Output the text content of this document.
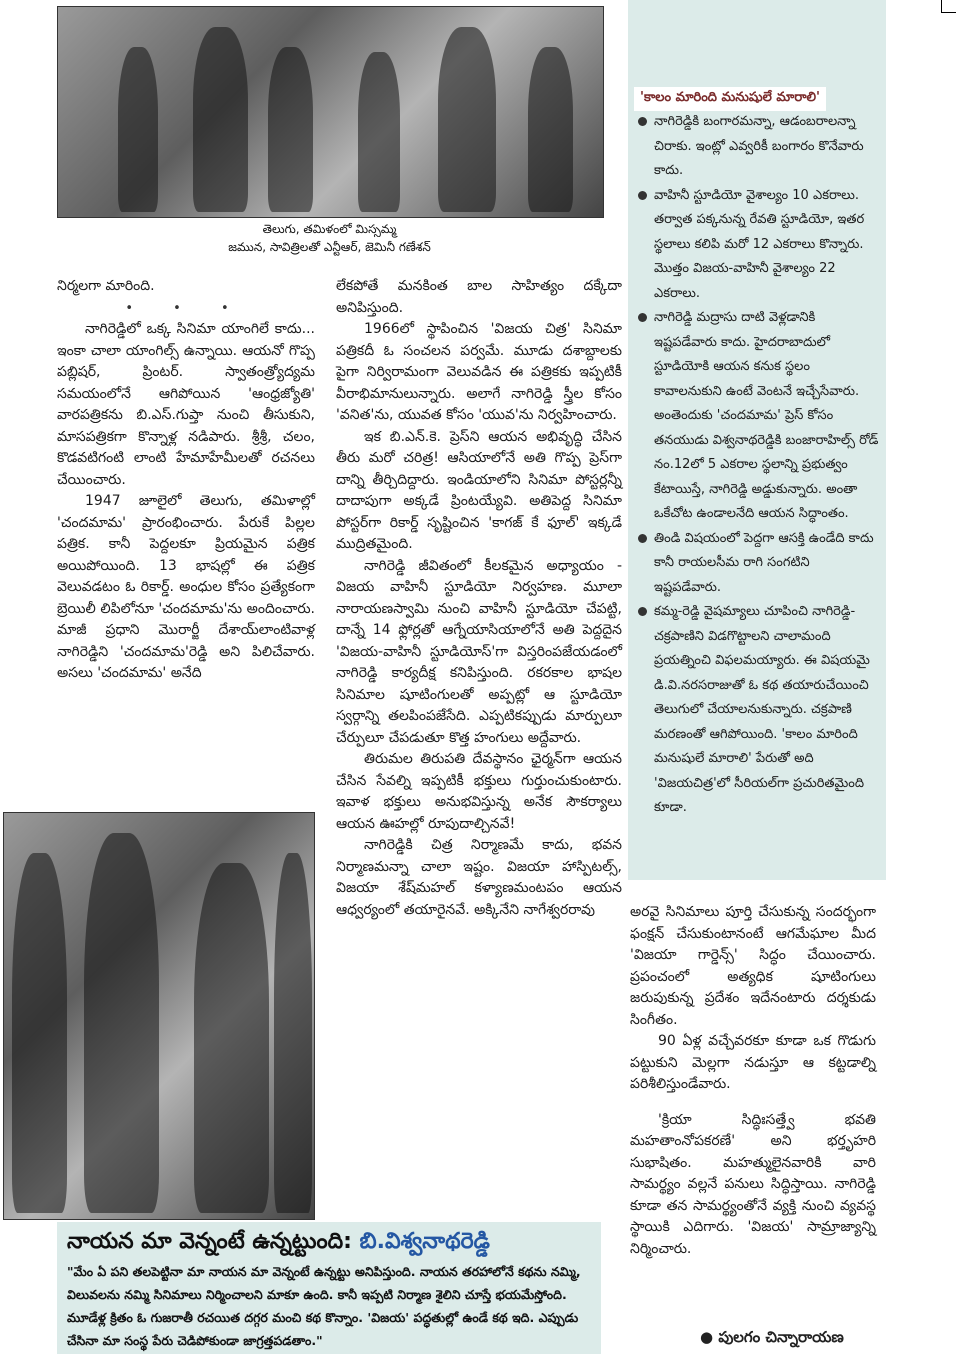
తెలుగు, తమిళంలో మిస్సమ్మ
జమున, సావిత్రిలతో ఎన్టీఆర్, జెమినీ గణేశన్

నిర్మలగా మారింది.

• • •

నాగిరెడ్డిలో ఒక్క సినిమా యాంగిలే కాదు... ఇంకా చాలా యాంగిల్స్ ఉన్నాయి. ఆయనో గొప్ప పబ్లిషర్, ప్రింటర్. స్వాతంత్ర్యోద్యమ సమయంలోనే ఆగిపోయిన 'ఆంధ్రజ్యోతి' వారపత్రికను బి.ఎస్.గుప్తా నుంచి తీసుకుని, మాసపత్రికగా కొన్నాళ్ల నడిపారు. శ్రీశ్రీ, చలం, కొడవటిగంటి లాంటి హేమాహేమీలతో రచనలు చేయించారు.

1947 జూలైలో తెలుగు, తమిళాల్లో 'చందమామ' ప్రారంభించారు. పేరుకే పిల్లల పత్రిక. కానీ పెద్దలకూ ప్రియమైన పత్రిక అయిపోయింది. 13 భాషల్లో ఈ పత్రిక వెలువడటం ఓ రికార్డ్. అంధుల కోసం ప్రత్యేకంగా బ్రెయిలీ లిపిలోనూ 'చందమామ'ను అందించారు. మాజీ ప్రధాని మొరార్జీ దేశాయ్‌లాంటివాళ్ల నాగిరెడ్డిని 'చందమామ'రెడ్డి అని పిలిచేవారు. అసలు 'చందమామ' అనేది

లేకపోతే మనకింత బాల సాహిత్యం దక్కేదా అనిపిస్తుంది.

1966లో స్థాపించిన 'విజయ చిత్ర' సినిమా పత్రికదీ ఓ సంచలన పర్వమే. మూడు దశాబ్దాలకు పైగా నిర్విరామంగా వెలువడిన ఈ పత్రికకు ఇప్పటికీ వీరాభిమానులున్నారు. అలాగే నాగిరెడ్డి స్త్రీల కోసం 'వనిత'ను, యువత కోసం 'యువ'ను నిర్వహించారు.

ఇక బి.ఎన్.కె. ప్రెస్‌ని ఆయన అభివృద్ధి చేసిన తీరు మరో చరిత్ర! ఆసియాలోనే అతి గొప్ప ప్రెస్‌గా దాన్ని తీర్చిదిద్దారు. ఇండియాలోని సినిమా పోస్టర్లన్నీ దాదాపుగా అక్కడే ప్రింటయ్యేవి. అతిపెద్ద సినిమా పోస్టర్‌గా రికార్డ్ సృష్టించిన 'కాగజ్ కే ఫూల్' ఇక్కడే ముద్రితమైంది.

నాగిరెడ్డి జీవితంలో కీలకమైన అధ్యాయం - విజయ వాహినీ స్టూడియో నిర్వహణ. మూలా నారాయణస్వామి నుంచి వాహినీ స్టూడియో చేపట్టి, దాన్నే 14 ఫ్లోర్లతో ఆగ్నేయాసియాలోనే అతి పెద్దదైన 'విజయ-వాహినీ స్టూడియోస్'గా విస్తరింపజేయడంలో నాగిరెడ్డి కార్యదీక్ష కనిపిస్తుంది. రకరకాల భాషల సినిమాల షూటింగులతో అప్పట్లో ఆ స్టూడియో స్వర్గాన్ని తలపింపజేసేది. ఎప్పటికప్పుడు మార్పులూ చేర్పులూ చేపడుతూ కొత్త హంగులు అద్దేవారు.

తిరుమల తిరుపతి దేవస్థానం ఛైర్మన్‌గా ఆయన చేసిన సేవల్ని ఇప్పటికీ భక్తులు గుర్తుంచుకుంటారు. ఇవాళ భక్తులు అనుభవిస్తున్న అనేక సౌకర్యాలు ఆయన ఊహల్లో రూపుదాల్చినవే!

నాగిరెడ్డికి చిత్ర నిర్మాణమే కాదు, భవన నిర్మాణమన్నా చాలా ఇష్టం. విజయా హాస్పిటల్స్, విజయా శేష్‌మహల్ కళ్యాణమంటపం ఆయన ఆధ్వర్యంలో తయారైనవే. అక్కినేని నాగేశ్వరరావు

'కాలం మారింది మనుషులే మారాలి'
నాగిరెడ్డికి బంగారమన్నా, ఆడంబరాలన్నా చిరాకు. ఇంట్లో ఎవ్వరికీ బంగారం కొనేవారు కాదు.
వాహినీ స్టూడియో వైశాల్యం 10 ఎకరాలు. తర్వాత పక్కనున్న రేవతి స్టూడియో, ఇతర స్థలాలు కలిపి మరో 12 ఎకరాలు కొన్నారు. మొత్తం విజయ-వాహినీ వైశాల్యం 22 ఎకరాలు.
నాగిరెడ్డి మద్రాసు దాటి వెళ్లడానికి ఇష్టపడేవారు కాదు. హైదరాబాదులో స్టూడియోకి ఆయన కనుక స్థలం కావాలనుకుని ఉంటే వెంటనే ఇచ్చేసేవారు. అంతెందుకు 'చందమామ' ప్రెస్ కోసం తనయుడు విశ్వనాథరెడ్డికి బంజారాహిల్స్ రోడ్ నం.12లో 5 ఎకరాల స్థలాన్ని ప్రభుత్వం కేటాయిస్తే, నాగిరెడ్డి అడ్డుకున్నారు. అంతా ఒకేచోట ఉండాలనేది ఆయన సిద్ధాంతం.
తిండి విషయంలో పెద్దగా ఆసక్తి ఉండేది కాదు కానీ రాయలసీమ రాగి సంగటిని ఇష్టపడేవారు.
కమ్మ-రెడ్డి వైషమ్యాలు చూపించి నాగిరెడ్డి-చక్రపాణిని విడగొట్టాలని చాలామంది ప్రయత్నించి విఫలమయ్యారు. ఈ విషయమై డి.వి.నరసరాజుతో ఓ కథ తయారుచేయించి తెలుగులో చేయాలనుకున్నారు. చక్రపాణి మరణంతో ఆగిపోయింది. 'కాలం మారింది మనుషులే మారాలి' పేరుతో అది 'విజయచిత్ర'లో సీరియల్‌గా ప్రచురితమైంది కూడా.

అరవై సినిమాలు పూర్తి చేసుకున్న సందర్భంగా ఫంక్షన్ చేసుకుంటానంటే ఆగమేఘాల మీద 'విజయా గార్డెన్స్' సిద్ధం చేయించారు. ప్రపంచంలో అత్యధిక షూటింగులు జరుపుకున్న ప్రదేశం ఇదేనంటారు దర్శకుడు సింగీతం.

90 ఏళ్ల వచ్చేవరకూ కూడా ఒక గొడుగు పట్టుకుని మెల్లగా నడుస్తూ ఆ కట్టడాల్ని పరిశీలిస్తుండేవారు.

'క్రియా సిద్ధిఃసత్త్వే భవతి మహతాంనోపకరణే' అని భర్తృహరి సుభాషితం. మహత్ములైనవారికి వారి సామర్థ్యం వల్లనే పనులు సిద్ధిస్తాయి. నాగిరెడ్డి కూడా తన సామర్థ్యంతోనే వ్యక్తి నుంచి వ్యవస్థ స్థాయికి ఎదిగారు. 'విజయ' సామ్రాజ్యాన్ని నిర్మించారు.

నాయన మా వెన్నంటే ఉన్నట్టుంది: బి.విశ్వనాథరెడ్డి
"మేం ఏ పని తలపెట్టినా మా నాయన మా వెన్నంటే ఉన్నట్టు అనిపిస్తుంది. నాయన తరహాలోనే కథను నమ్మి, విలువలను నమ్మి సినిమాలు నిర్మించాలని మాకూ ఉంది. కానీ ఇప్పటి నిర్మాణ శైలిని చూస్తే భయమేస్తోంది. మూడేళ్ల క్రితం ఓ గుజరాతీ రచయిత దగ్గర మంచి కథ కొన్నాం. 'విజయ' పద్ధతుల్లో ఉండే కథ ఇది. ఎప్పుడు చేసినా మా సంస్థ పేరు చెడిపోకుండా జాగ్రత్తపడతాం."	● పులగం చిన్నారాయణ
